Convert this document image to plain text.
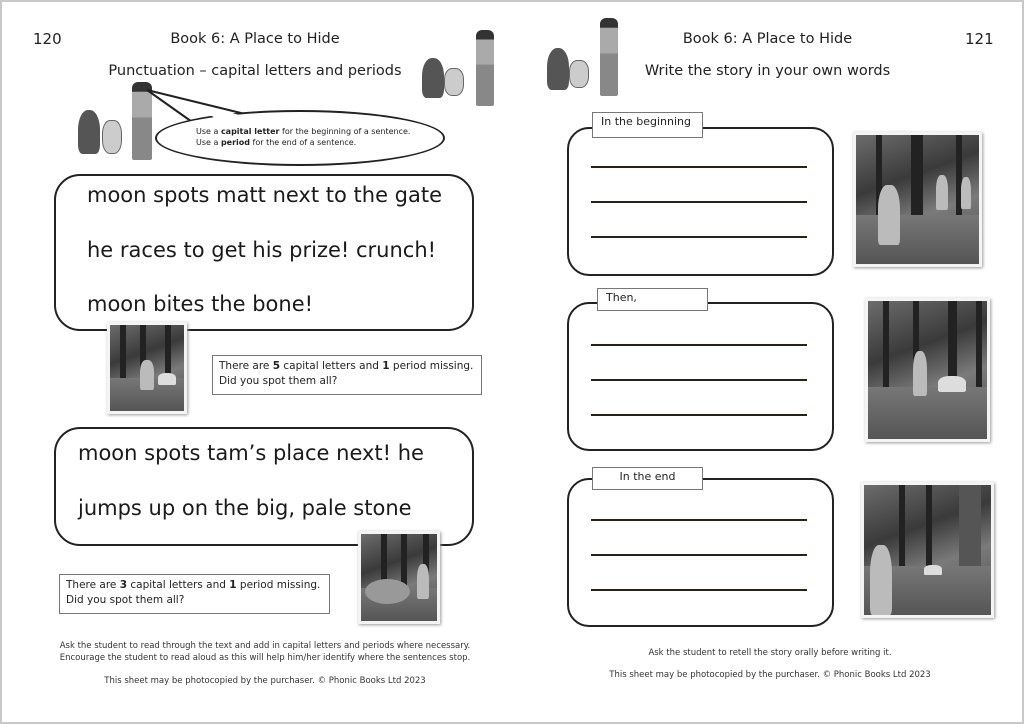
120	Book 6: A Place to Hide
Punctuation – capital letters and periods
Use a capital letter for the beginning of a sentence.
Use a period for the end of a sentence.
moon spots matt next to the gate
he races to get his prize! crunch!
moon bites the bone!
There are 5 capital letters and 1 period missing.
Did you spot them all?
moon spots tam’s place next! he
jumps up on the big, pale stone
There are 3 capital letters and 1 period missing.
Did you spot them all?
Ask the student to read through the text and add in capital letters and periods where necessary.
Encourage the student to read aloud as this will help him/her identify where the sentences stop.
This sheet may be photocopied by the purchaser. © Phonic Books Ltd 2023
Book 6: A Place to Hide	121
Write the story in your own words
In the beginning
Then,
In the end
Ask the student to retell the story orally before writing it.
This sheet may be photocopied by the purchaser. © Phonic Books Ltd 2023
